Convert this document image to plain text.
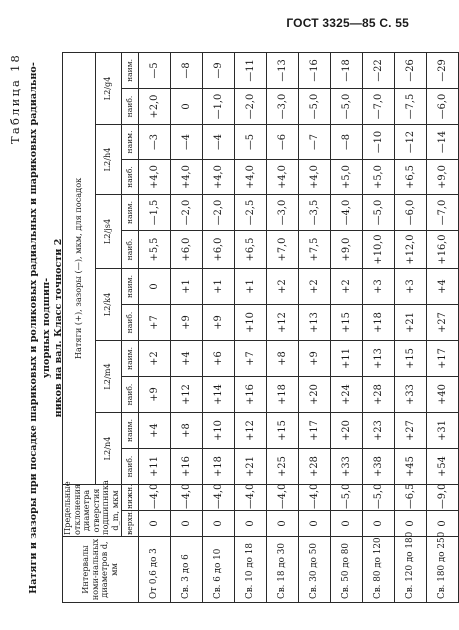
ГОСТ 3325—85 С. 55
Таблица 18 Натяги и зазоры при посадке шариковых и роликовых радиальных и шариковых радиально-упорных подшип- ников на вал. Класс точности 2
Интервалы номи-нальных диаметров d, мм	Предельные отклонения диаметра отверстия подшипника d_m, мкм		Натяги (+), зазоры (—), мкм, для посадок											
			L2/n4		L2/m4		L2/k4		L2/js4		L2/h4		L2/g4	
	верхн.	нижн.	наиб.	наим.	наиб.	наим.	наиб.	наим.	наиб.	наим.	наиб.	наим.	наиб.	наим.
От 0,6 до 3	0	—4,0	+11	+4	+9	+2	+7	0	+5,5	—1,5	+4,0	—3	+2,0	—5
Св. 3 до 6	0	—4,0	+16	+8	+12	+4	+9	+1	+6,0	—2,0	+4,0	—4	0	—8
Св. 6 до 10	0	—4,0	+18	+10	+14	+6	+9	+1	+6,0	—2,0	+4,0	—4	—1,0	—9
Св. 10 до 18	0	—4,0	+21	+12	+16	+7	+10	+1	+6,5	—2,5	+4,0	—5	—2,0	—11
Св. 18 до 30	0	—4,0	+25	+15	+18	+8	+12	+2	+7,0	—3,0	+4,0	—6	—3,0	—13
Св. 30 до 50	0	—4,0	+28	+17	+20	+9	+13	+2	+7,5	—3,5	+4,0	—7	—5,0	—16
Св. 50 до 80	0	—5,0	+33	+20	+24	+11	+15	+2	+9,0	—4,0	+5,0	—8	—5,0	—18
Св. 80 до 120	0	—5,0	+38	+23	+28	+13	+18	+3	+10,0	—5,0	+5,0	—10	—7,0	—22
Св. 120 до 180	0	—6,5	+45	+27	+33	+15	+21	+3	+12,0	—6,0	+6,5	—12	—7,5	—26
Св. 180 до 250	0	—9,0	+54	+31	+40	+17	+27	+4	+16,0	—7,0	+9,0	—14	—6,0	—29
